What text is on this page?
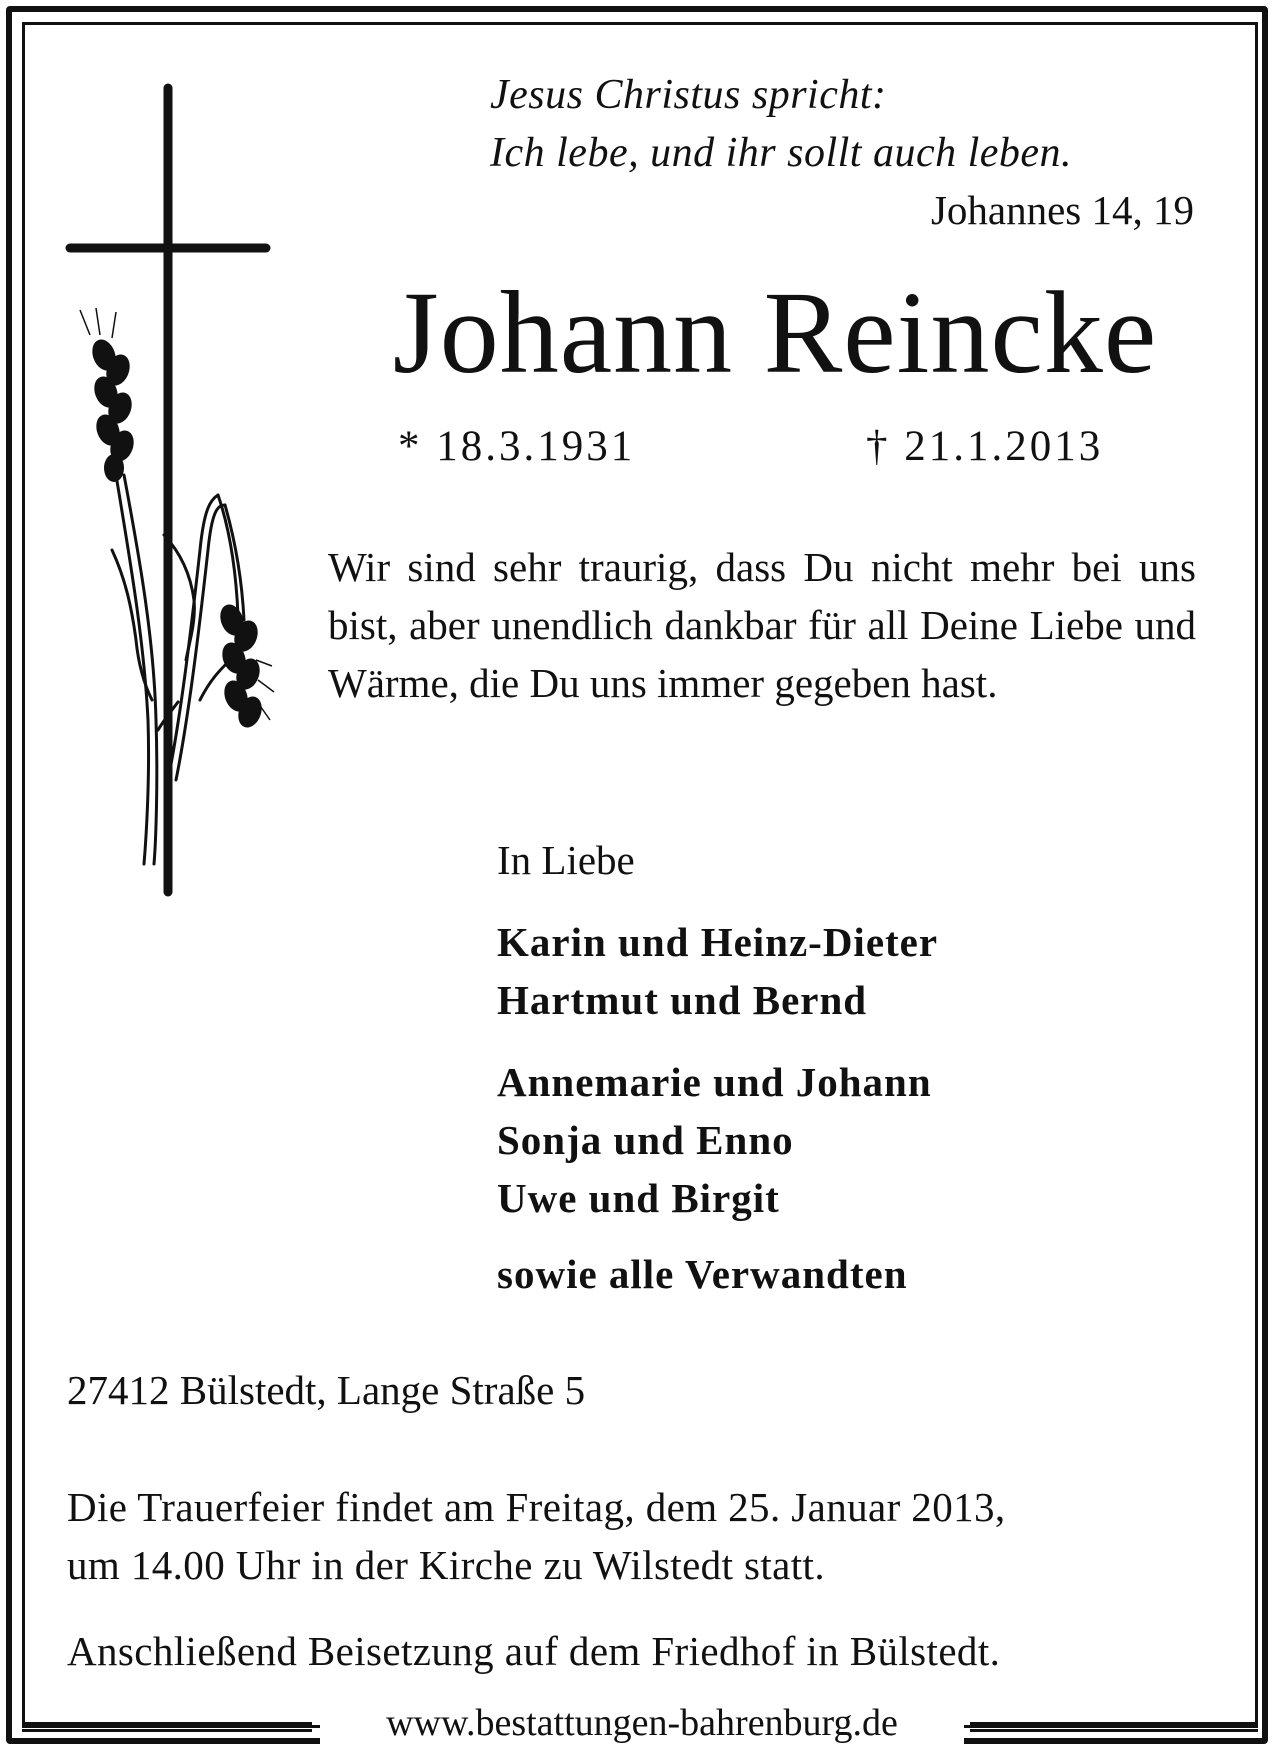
Jesus Christus spricht:
Ich lebe, und ihr sollt auch leben.
Johannes 14, 19
Johann Reincke
* 18.3.1931	† 21.1.2013
Wir sind sehr traurig, dass Du nicht mehr bei uns bist, aber unendlich dankbar für all Deine Liebe und Wärme, die Du uns immer gegeben hast.
In Liebe
Karin und Heinz-Dieter
Hartmut und Bernd
Annemarie und Johann
Sonja und Enno
Uwe und Birgit
sowie alle Verwandten
27412 Bülstedt, Lange Straße 5
Die Trauerfeier findet am Freitag, dem 25. Januar 2013,
um 14.00 Uhr in der Kirche zu Wilstedt statt.
Anschließend Beisetzung auf dem Friedhof in Bülstedt.
www.bestattungen-bahrenburg.de
